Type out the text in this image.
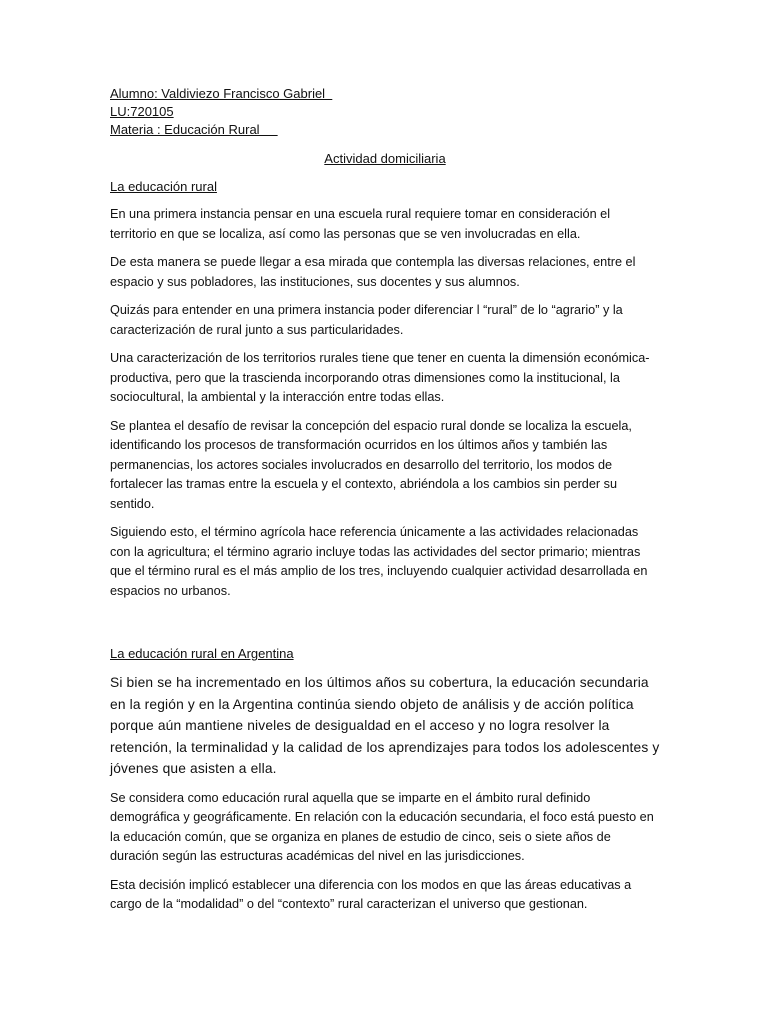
Alumno: Valdiviezo Francisco Gabriel

LU:720105

Materia : Educación Rural

Actividad domiciliaria

La educación rural

En una primera instancia pensar en una escuela rural requiere tomar en consideración el territorio en que se localiza, así como las personas que se ven involucradas en ella.

De esta manera se puede llegar a esa mirada que contempla las diversas relaciones, entre el espacio y sus pobladores, las instituciones, sus docentes y sus alumnos.

Quizás para entender en una primera instancia poder diferenciar l “rural” de lo “agrario” y la caracterización de rural junto a sus particularidades.

Una caracterización de los territorios rurales tiene que tener en cuenta la dimensión económica-productiva, pero que la trascienda incorporando otras dimensiones como la institucional, la sociocultural, la ambiental y la interacción entre todas ellas.

Se plantea el desafío de revisar la concepción del espacio rural donde se localiza la escuela, identificando los procesos de transformación ocurridos en los últimos años y también las permanencias, los actores sociales involucrados en desarrollo del territorio, los modos de fortalecer las tramas entre la escuela y el contexto, abriéndola a los cambios sin perder su sentido.

Siguiendo esto, el término agrícola hace referencia únicamente a las actividades relacionadas con la agricultura; el término agrario incluye todas las actividades del sector primario; mientras que el término rural es el más amplio de los tres, incluyendo cualquier actividad desarrollada en espacios no urbanos.

La educación rural en Argentina

Si bien se ha incrementado en los últimos años su cobertura, la educación secundaria en la región y en la Argentina continúa siendo objeto de análisis y de acción política porque aún mantiene niveles de desigualdad en el acceso y no logra resolver la retención, la terminalidad y la calidad de los aprendizajes para todos los adolescentes y jóvenes que asisten a ella.

Se considera como educación rural aquella que se imparte en el ámbito rural definido demográfica y geográficamente. En relación con la educación secundaria, el foco está puesto en la educación común, que se organiza en planes de estudio de cinco, seis o siete años de duración según las estructuras académicas del nivel en las jurisdicciones.

Esta decisión implicó establecer una diferencia con los modos en que las áreas educativas a cargo de la “modalidad” o del “contexto” rural caracterizan el universo que gestionan.
